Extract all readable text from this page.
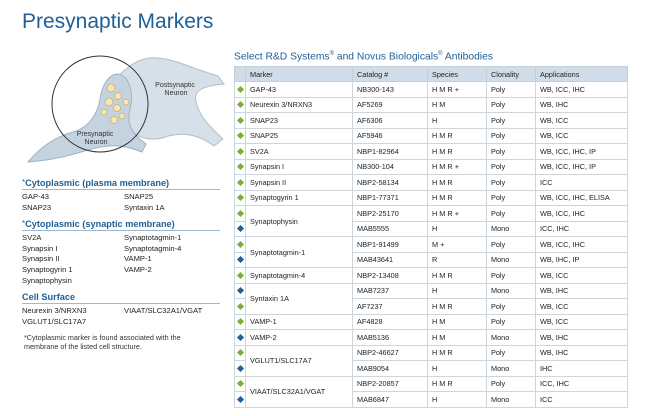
Presynaptic Markers
Postsynaptic Neuron
Presynaptic Neuron
*Cytoplasmic (plasma membrane)
GAP-43	SNAP25
SNAP23	Syntaxin 1A
*Cytoplasmic (synaptic membrane)
SV2A	Synaptotagmin-1
Synapsin I	Synaptotagmin-4
Synapsin II	VAMP-1
Synaptogyrin 1	VAMP-2
Synaptophysin
Cell Surface
Neurexin 3/NRXN3	VIAAT/SLC32A1/VGAT
VGLUT1/SLC17A7
Select R&D Systems® and Novus Biologicals® Antibodies
	Marker	Catalog #	Species	Clonality	Applications
	GAP-43	NB300-143	H M R +	Poly	WB, ICC, IHC
	Neurexin 3/NRXN3	AF5269	H M	Poly	WB, IHC
	SNAP23	AF6306	H	Poly	WB, ICC
	SNAP25	AF5946	H M R	Poly	WB, ICC
	SV2A	NBP1-82964	H M R	Poly	WB, ICC, IHC, IP
	Synapsin I	NB300-104	H M R +	Poly	WB, ICC, IHC, IP
	Synapsin II	NBP2-58134	H M R	Poly	ICC
	Synaptogyrin 1	NBP1-77371	H M R	Poly	WB, ICC, IHC, ELISA
	Synaptophysin	NBP2-25170	H M R +	Poly	WB, ICC, IHC
		MAB5555	H	Mono	ICC, IHC
	Synaptotagmin-1	NBP1-91499	M +	Poly	WB, ICC, IHC
		MAB43641	R	Mono	WB, IHC, IP
	Synaptotagmin-4	NBP2-13408	H M R	Poly	WB, ICC
	Syntaxin 1A	MAB7237	H	Mono	WB, IHC
		AF7237	H M R	Poly	WB, ICC
	VAMP-1	AF4828	H M	Poly	WB, ICC
	VAMP-2	MAB5136	H M	Mono	WB, IHC
	VGLUT1/SLC17A7	NBP2-46627	H M R	Poly	WB, IHC
		MAB9054	H	Mono	IHC
	VIAAT/SLC32A1/VGAT	NBP2-20857	H M R	Poly	ICC, IHC
		MAB6847	H	Mono	ICC
*Cytoplasmic marker is found associated with the membrane of the listed cell structure.
